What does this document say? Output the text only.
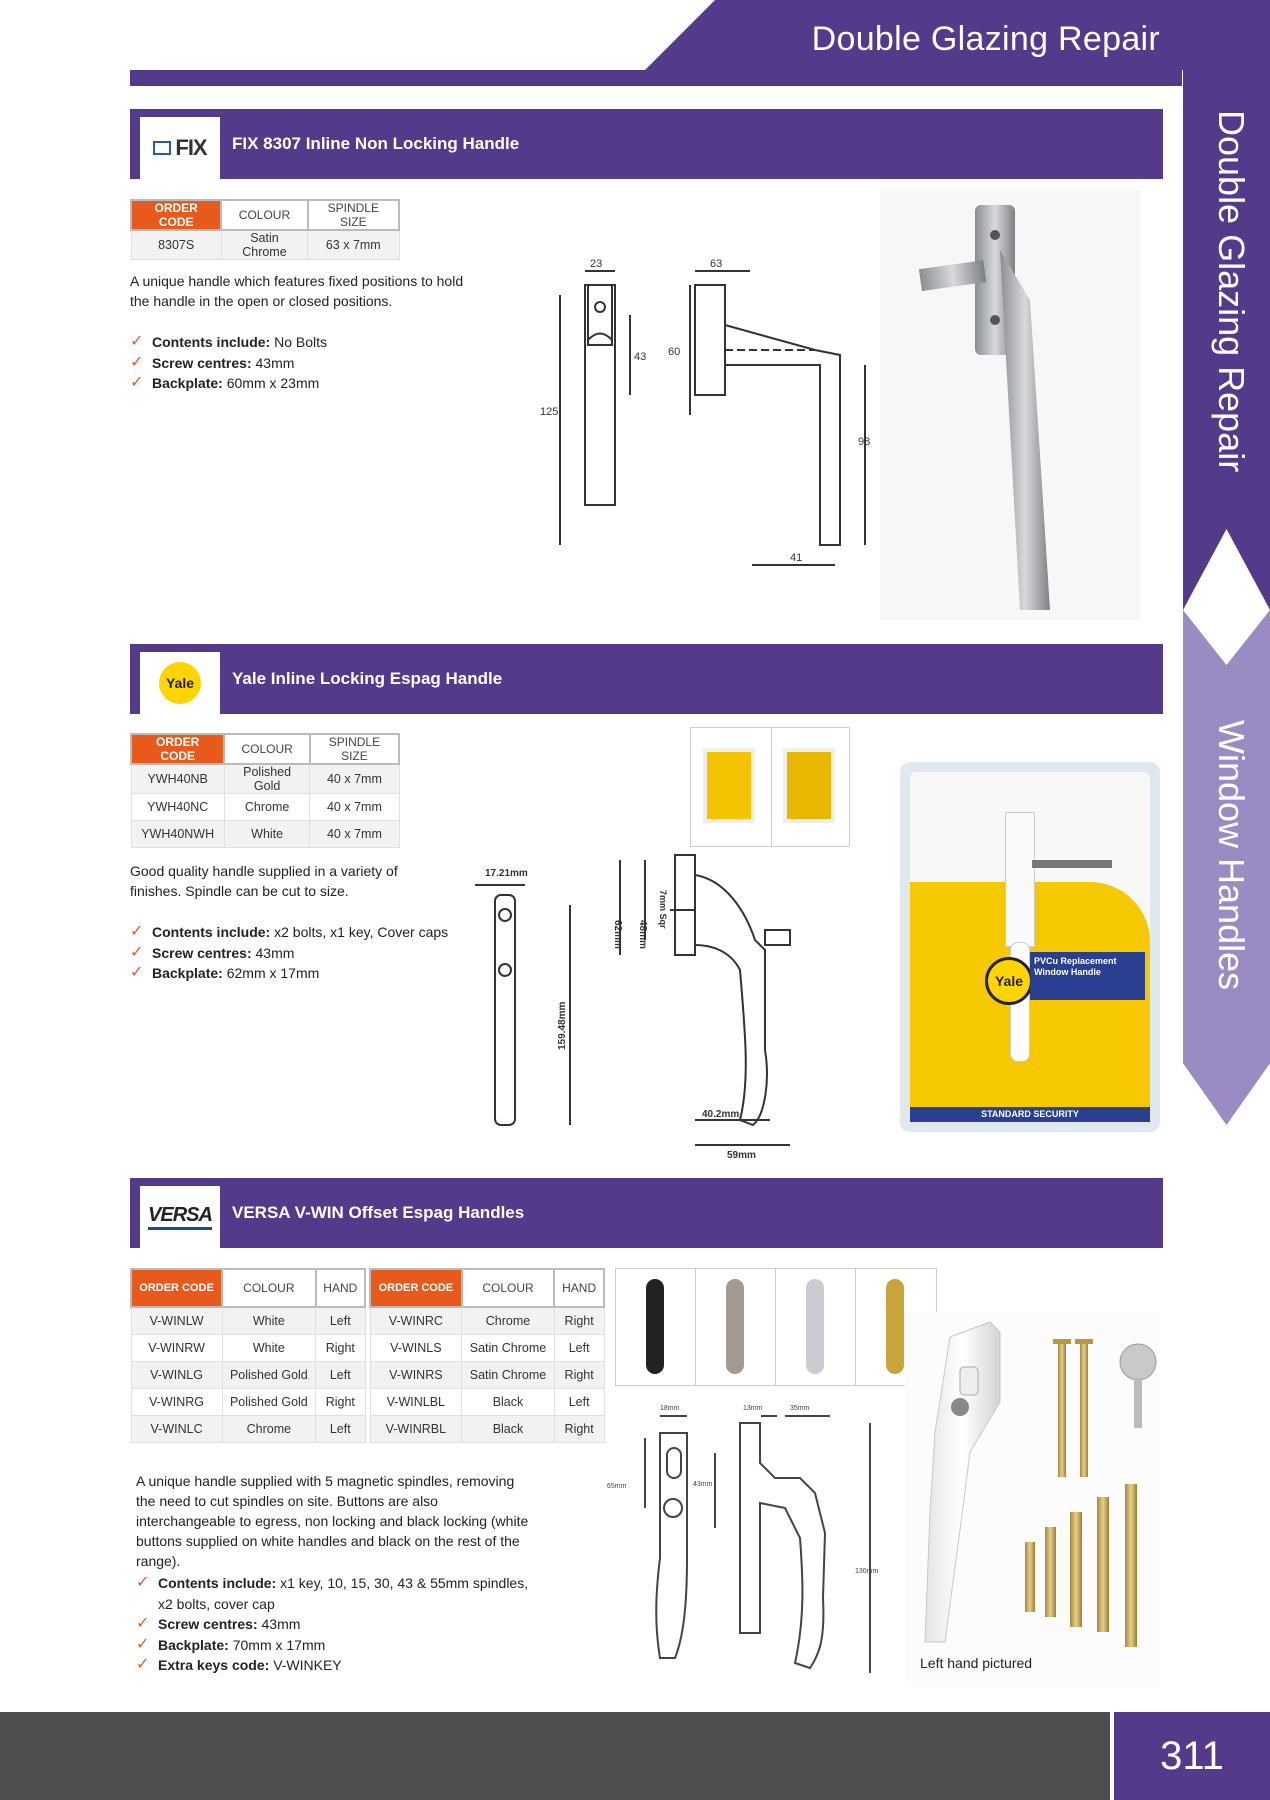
Double Glazing Repair
Double Glazing Repair
Window Handles
FIX FIX 8307 Inline Non Locking Handle
ORDER CODE	COLOUR	SPINDLE SIZE
8307S	Satin Chrome	63 x 7mm
A unique handle which features fixed positions to hold the handle in the open or closed positions.
✓ Contents include: No Bolts
✓ Screw centres: 43mm
✓ Backplate: 60mm x 23mm
23
43
125
63
60
98
41
Yale	Yale Inline Locking Espag Handle
ORDER CODE	COLOUR	SPINDLE SIZE
YWH40NB	Polished Gold	40 x 7mm
YWH40NC	Chrome	40 x 7mm
YWH40NWH	White	40 x 7mm
Good quality handle supplied in a variety of finishes. Spindle can be cut to size.
✓ Contents include: x2 bolts, x1 key, Cover caps
✓ Screw centres: 43mm
✓ Backplate: 62mm x 17mm
17.21mm
62mm 48mm
7mm Sqr
159.48mm
40.2mm
59mm
Yale
PVCu Replacement Window Handle
STANDARD SECURITY
VERSA VERSA V-WIN Offset Espag Handles
ORDER CODE	COLOUR	HAND
V-WINLW	White	Left
V-WINRW	White	Right
V-WINLG	Polished Gold	Left
V-WINRG	Polished Gold	Right
V-WINLC	Chrome	Left
ORDER CODE	COLOUR	HAND
V-WINRC	Chrome	Right
V-WINLS	Satin Chrome	Left
V-WINRS	Satin Chrome	Right
V-WINLBL	Black	Left
V-WINRBL	Black	Right
A unique handle supplied with 5 magnetic spindles, removing the need to cut spindles on site. Buttons are also interchangeable to egress, non locking and black locking (white buttons supplied on white handles and black on the rest of the range).
✓ Contents include: x1 key, 10, 15, 30, 43 & 55mm spindles, x2 bolts, cover cap
✓ Screw centres: 43mm
✓ Backplate: 70mm x 17mm
✓ Extra keys code: V-WINKEY
18mm	13mm	35mm
65mm	43mm
130mm
Left hand pictured
311
